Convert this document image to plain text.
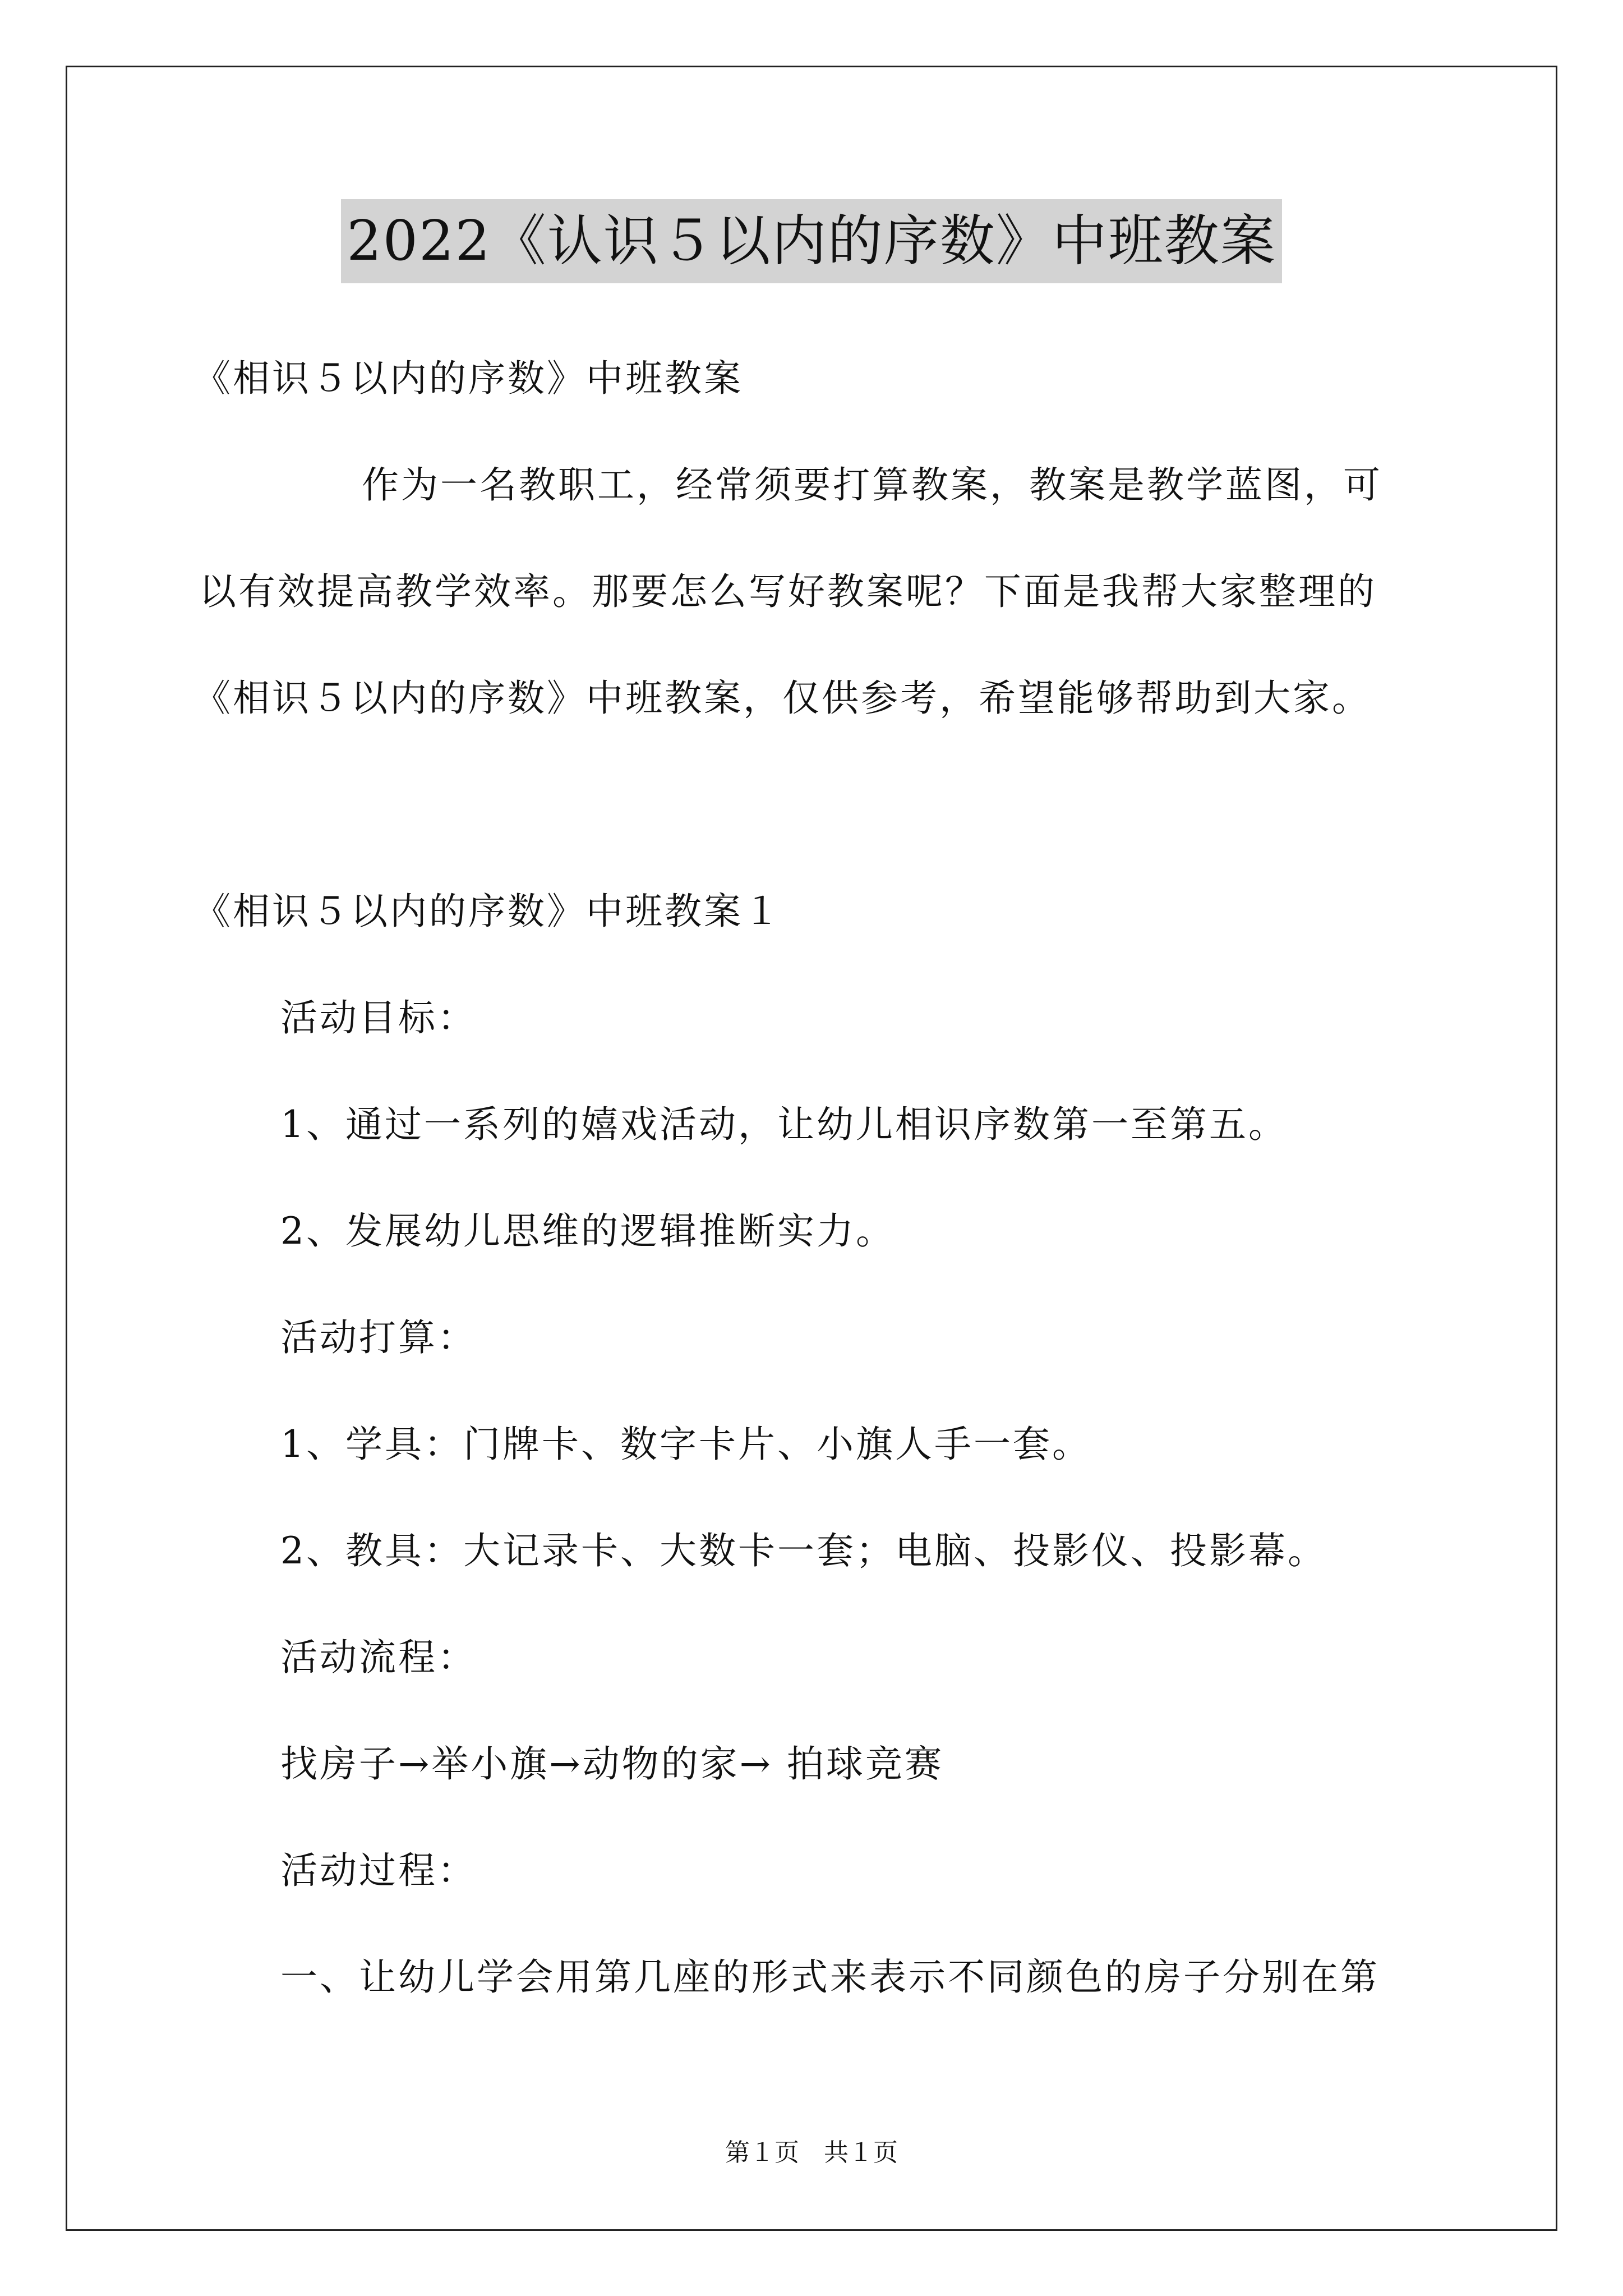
2022《认识５以内的序数》中班教案
《相识５以内的序数》中班教案
作为一名教职工，经常须要打算教案，教案是教学蓝图，可
以有效提高教学效率。那要怎么写好教案呢？下面是我帮大家整理的
《相识５以内的序数》中班教案，仅供参考，希望能够帮助到大家。
《相识５以内的序数》中班教案１
活动目标：
1、通过一系列的嬉戏活动，让幼儿相识序数第一至第五。
2、发展幼儿思维的逻辑推断实力。
活动打算：
1、学具：门牌卡、数字卡片、小旗人手一套。
2、教具：大记录卡、大数卡一套；电脑、投影仪、投影幕。
活动流程：
找房子→举小旗→动物的家→ 拍球竞赛
活动过程：
一、让幼儿学会用第几座的形式来表示不同颜色的房子分别在第
第１页　共１页
